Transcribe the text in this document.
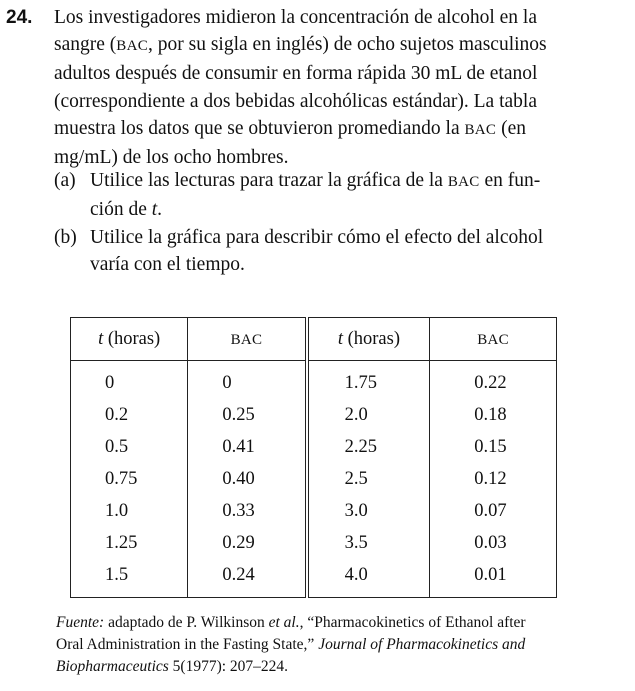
24. Los investigadores midieron la concentración de alcohol en la
sangre (BAC, por su sigla en inglés) de ocho sujetos masculinos
adultos después de consumir en forma rápida 30 mL de etanol
(correspondiente a dos bebidas alcohólicas estándar). La tabla
muestra los datos que se obtuvieron promediando la BAC (en
mg/mL) de los ocho hombres.
(a) Utilice las lecturas para trazar la gráfica de la BAC en fun-
ción de t.
(b) Utilice la gráfica para describir cómo el efecto del alcohol
varía con el tiempo.
t (horas)	BAC	t (horas)	BAC
0	0	1.75	0.22
0.2	0.25	2.0	0.18
0.5	0.41	2.25	0.15
0.75	0.40	2.5	0.12
1.0	0.33	3.0	0.07
1.25	0.29	3.5	0.03
1.5	0.24	4.0	0.01
Fuente: adaptado de P. Wilkinson et al., “Pharmacokinetics of Ethanol after
Oral Administration in the Fasting State,” Journal of Pharmacokinetics and
Biopharmaceutics 5(1977): 207–224.
